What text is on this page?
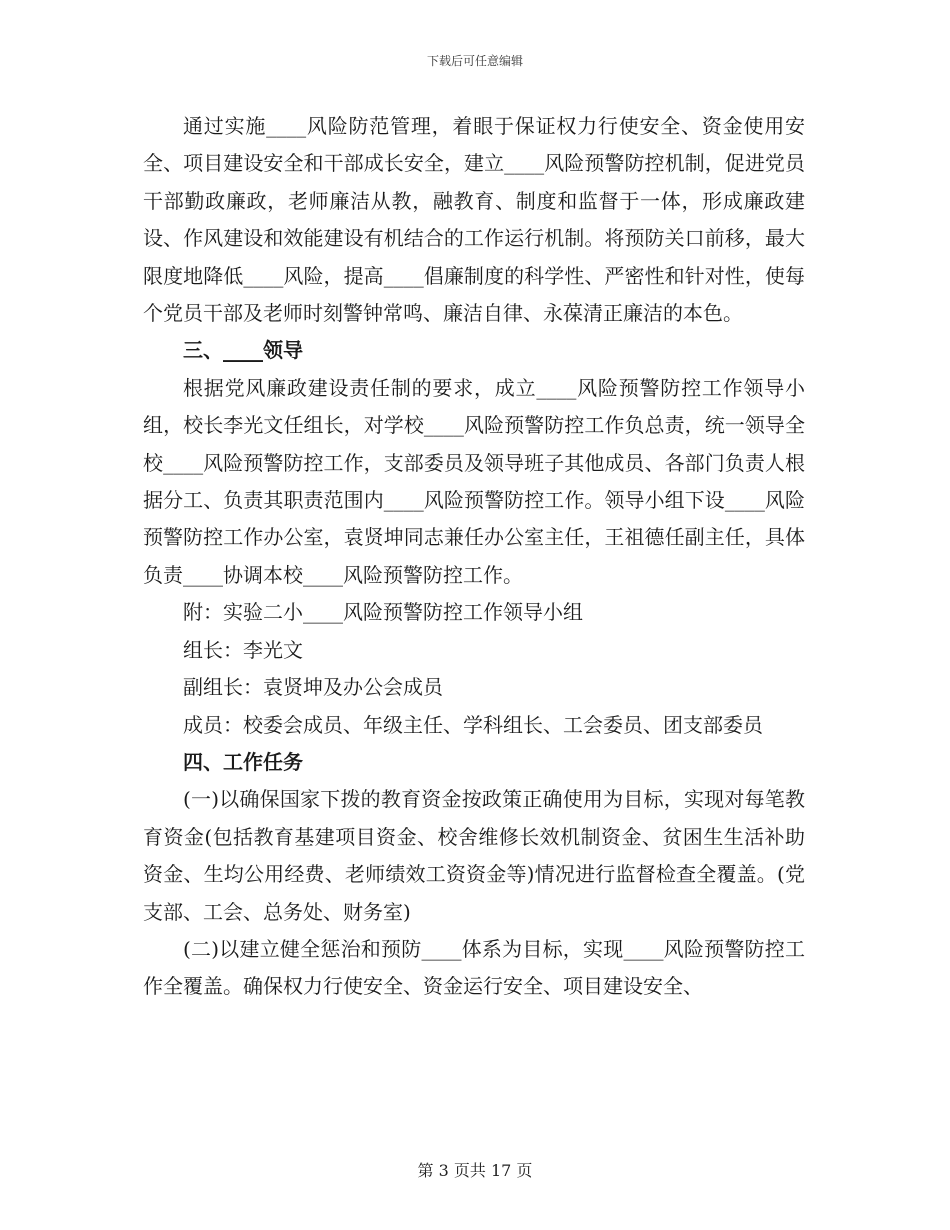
下载后可任意编辑

通过实施____风险防范管理，着眼于保证权力行使安全、资金使用安全、项目建设安全和干部成长安全，建立____风险预警防控机制，促进党员干部勤政廉政，老师廉洁从教，融教育、制度和监督于一体，形成廉政建设、作风建设和效能建设有机结合的工作运行机制。将预防关口前移，最大限度地降低____风险，提高____倡廉制度的科学性、严密性和针对性，使每个党员干部及老师时刻警钟常鸣、廉洁自律、永葆清正廉洁的本色。

三、____领导

根据党风廉政建设责任制的要求，成立____风险预警防控工作领导小组，校长李光文任组长，对学校____风险预警防控工作负总责，统一领导全校____风险预警防控工作，支部委员及领导班子其他成员、各部门负责人根据分工、负责其职责范围内____风险预警防控工作。领导小组下设____风险预警防控工作办公室，袁贤坤同志兼任办公室主任，王祖德任副主任，具体负责____协调本校____风险预警防控工作。

附：实验二小____风险预警防控工作领导小组

组长：李光文

副组长：袁贤坤及办公会成员

成员：校委会成员、年级主任、学科组长、工会委员、团支部委员

四、工作任务

(一)以确保国家下拨的教育资金按政策正确使用为目标，实现对每笔教育资金(包括教育基建项目资金、校舍维修长效机制资金、贫困生生活补助资金、生均公用经费、老师绩效工资资金等)情况进行监督检查全覆盖。(党支部、工会、总务处、财务室)

(二)以建立健全惩治和预防____体系为目标，实现____风险预警防控工作全覆盖。确保权力行使安全、资金运行安全、项目建设安全、

第 3 页共 17 页
